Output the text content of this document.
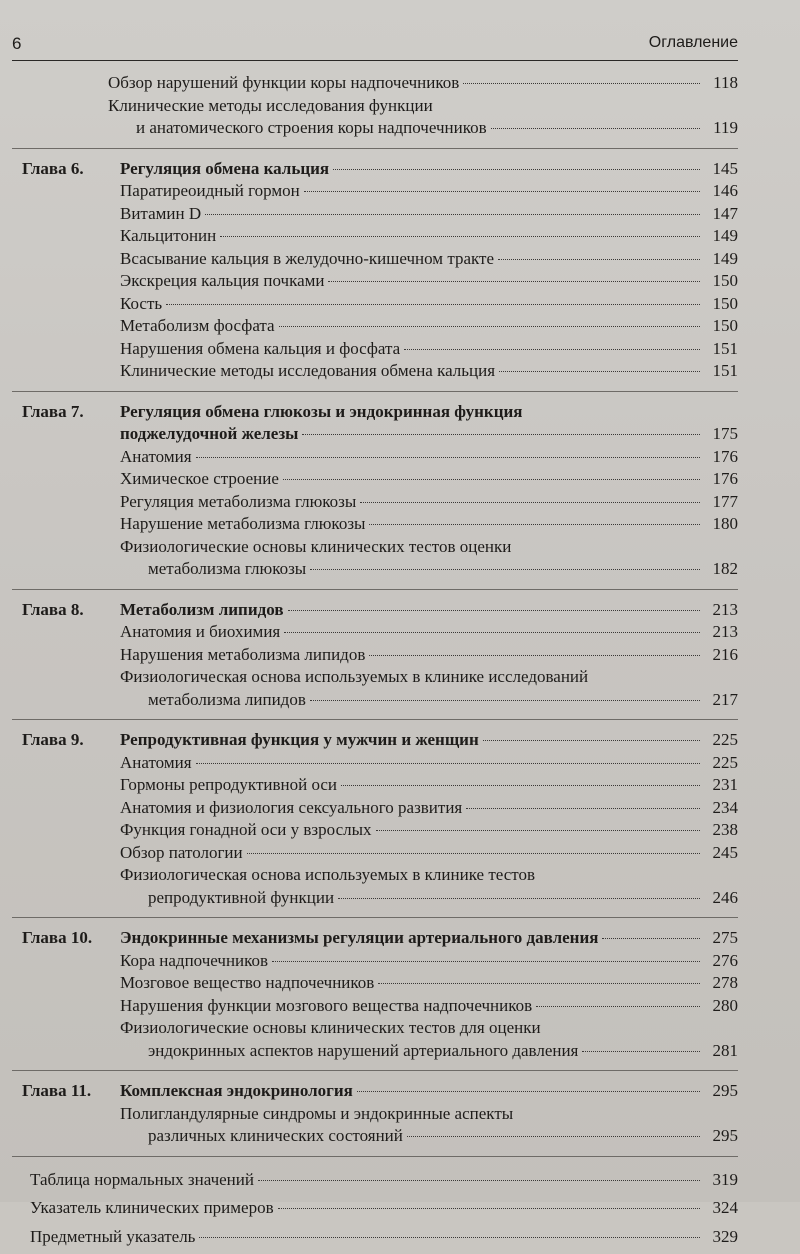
6	Оглавление
Обзор нарушений функции коры надпочечников	118
Клинические методы исследования функции
и анатомического строения коры надпочечников	119
Глава 6. Регуляция обмена кальция	145
Паратиреоидный гормон	146
Витамин D	147
Кальцитонин	149
Всасывание кальция в желудочно-кишечном тракте	149
Экскреция кальция почками	150
Кость	150
Метаболизм фосфата	150
Нарушения обмена кальция и фосфата	151
Клинические методы исследования обмена кальция	151
Глава 7. Регуляция обмена глюкозы и эндокринная функция
поджелудочной железы	175
Анатомия	176
Химическое строение	176
Регуляция метаболизма глюкозы	177
Нарушение метаболизма глюкозы	180
Физиологические основы клинических тестов оценки
метаболизма глюкозы	182
Глава 8. Метаболизм липидов	213
Анатомия и биохимия	213
Нарушения метаболизма липидов	216
Физиологическая основа используемых в клинике исследований
метаболизма липидов	217
Глава 9. Репродуктивная функция у мужчин и женщин	225
Анатомия	225
Гормоны репродуктивной оси	231
Анатомия и физиология сексуального развития	234
Функция гонадной оси у взрослых	238
Обзор патологии	245
Физиологическая основа используемых в клинике тестов
репродуктивной функции	246
Глава 10. Эндокринные механизмы регуляции артериального давления	275
Кора надпочечников	276
Мозговое вещество надпочечников	278
Нарушения функции мозгового вещества надпочечников	280
Физиологические основы клинических тестов для оценки
эндокринных аспектов нарушений артериального давления	281
Глава 11. Комплексная эндокринология	295
Полигландулярные синдромы и эндокринные аспекты
различных клинических состояний	295
Таблица нормальных значений	319
Указатель клинических примеров	324
Предметный указатель	329
